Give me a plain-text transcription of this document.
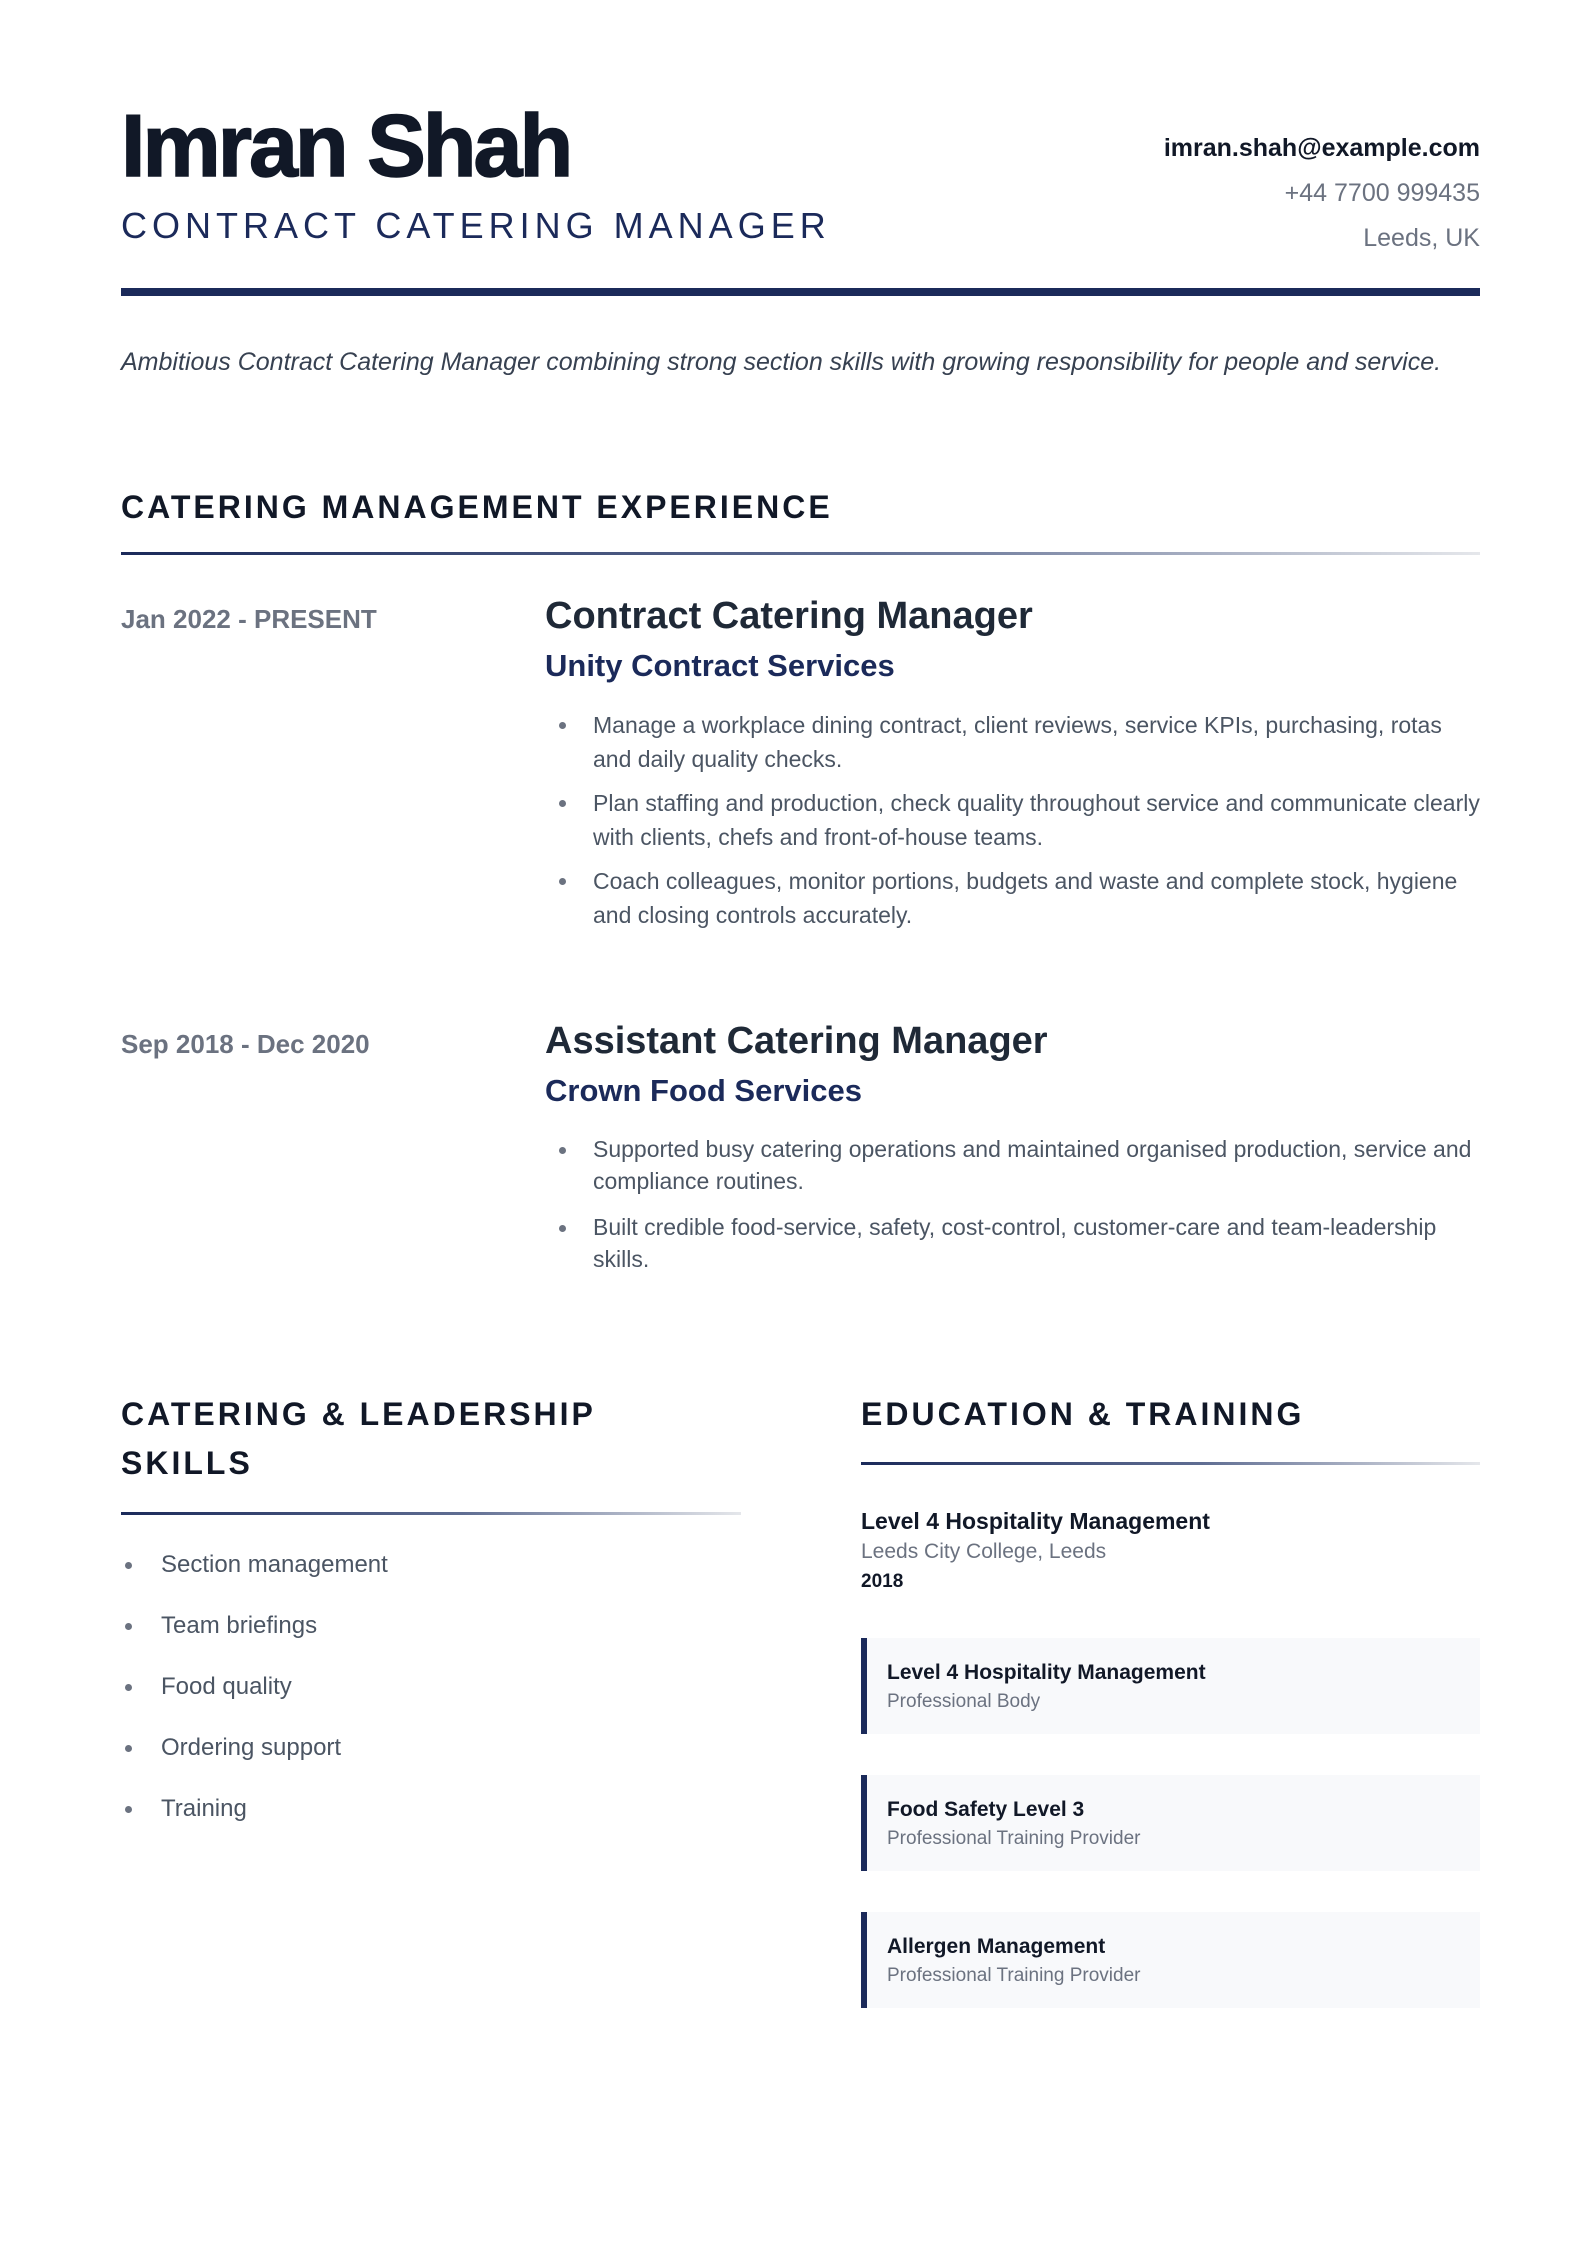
Imran Shah
CONTRACT CATERING MANAGER
imran.shah@example.com
+44 7700 999435
Leeds, UK

Ambitious Contract Catering Manager combining strong section skills with growing responsibility for people and service.

CATERING MANAGEMENT EXPERIENCE
Jan 2022 - PRESENT	Contract Catering Manager
Unity Contract Services
Manage a workplace dining contract, client reviews, service KPIs, purchasing, rotas and daily quality checks.
Plan staffing and production, check quality throughout service and communicate clearly with clients, chefs and front-of-house teams.
Coach colleagues, monitor portions, budgets and waste and complete stock, hygiene and closing controls accurately.
Sep 2018 - Dec 2020	Assistant Catering Manager
Crown Food Services
Supported busy catering operations and maintained organised production, service and compliance routines.
Built credible food-service, safety, cost-control, customer-care and team-leadership skills.
CATERING & LEADERSHIP SKILLS
Section management
Team briefings
Food quality
Ordering support
Training
EDUCATION & TRAINING

Level 4 Hospitality Management

Leeds City College, Leeds

2018

Level 4 Hospitality Management

Professional Body

Food Safety Level 3

Professional Training Provider

Allergen Management

Professional Training Provider
